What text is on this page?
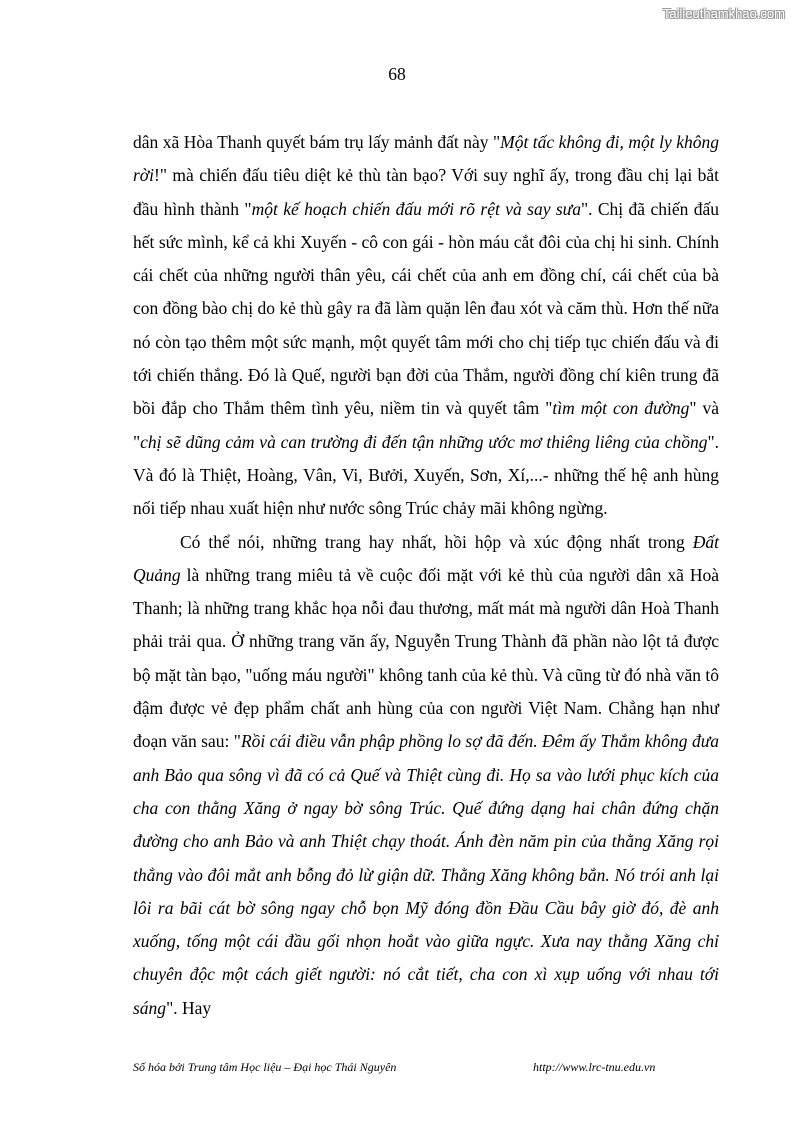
Tailieuthamkhao.com
68

dân xã Hòa Thanh quyết bám trụ lấy mảnh đất này "Một tấc không đi, một ly không rời!" mà chiến đấu tiêu diệt kẻ thù tàn bạo? Với suy nghĩ ấy, trong đầu chị lại bắt đầu hình thành "một kế hoạch chiến đấu mới rõ rệt và say sưa". Chị đã chiến đấu hết sức mình, kể cả khi Xuyến - cô con gái - hòn máu cắt đôi của chị hi sinh. Chính cái chết của những người thân yêu, cái chết của anh em đồng chí, cái chết của bà con đồng bào chị do kẻ thù gây ra đã làm quặn lên đau xót và căm thù. Hơn thế nữa nó còn tạo thêm một sức mạnh, một quyết tâm mới cho chị tiếp tục chiến đấu và đi tới chiến thắng. Đó là Quế, người bạn đời của Thắm, người đồng chí kiên trung đã bồi đắp cho Thắm thêm tình yêu, niềm tin và quyết tâm "tìm một con đường" và "chị sẽ dũng cảm và can trường đi đến tận những ước mơ thiêng liêng của chồng". Và đó là Thiệt, Hoàng, Vân, Vi, Bưởi, Xuyến, Sơn, Xí,...- những thế hệ anh hùng nối tiếp nhau xuất hiện như nước sông Trúc chảy mãi không ngừng.

Có thể nói, những trang hay nhất, hồi hộp và xúc động nhất trong Đất Quảng là những trang miêu tả về cuộc đối mặt với kẻ thù của người dân xã Hoà Thanh; là những trang khắc họa nỗi đau thương, mất mát mà người dân Hoà Thanh phải trải qua. Ở những trang văn ấy, Nguyễn Trung Thành đã phần nào lột tả được bộ mặt tàn bạo, "uống máu người" không tanh của kẻ thù. Và cũng từ đó nhà văn tô đậm được vẻ đẹp phẩm chất anh hùng của con người Việt Nam. Chẳng hạn như đoạn văn sau: "Rồi cái điều vẫn phập phồng lo sợ đã đến. Đêm ấy Thắm không đưa anh Bảo qua sông vì đã có cả Quế và Thiệt cùng đi. Họ sa vào lưới phục kích của cha con thằng Xăng ở ngay bờ sông Trúc. Quế đứng dạng hai chân đứng chặn đường cho anh Bảo và anh Thiệt chạy thoát. Ánh đèn năm pin của thằng Xăng rọi thẳng vào đôi mắt anh bỗng đỏ lừ giận dữ. Thằng Xăng không bắn. Nó trói anh lại lôi ra bãi cát bờ sông ngay chỗ bọn Mỹ đóng đồn Đầu Cầu bây giờ đó, đè anh xuống, tống một cái đầu gối nhọn hoắt vào giữa ngực. Xưa nay thằng Xăng chỉ chuyên độc một cách giết người: nó cắt tiết, cha con xì xụp uống với nhau tới sáng". Hay

Số hóa bởi Trung tâm Học liệu – Đại học Thái Nguyên	http://www.lrc-tnu.edu.vn
